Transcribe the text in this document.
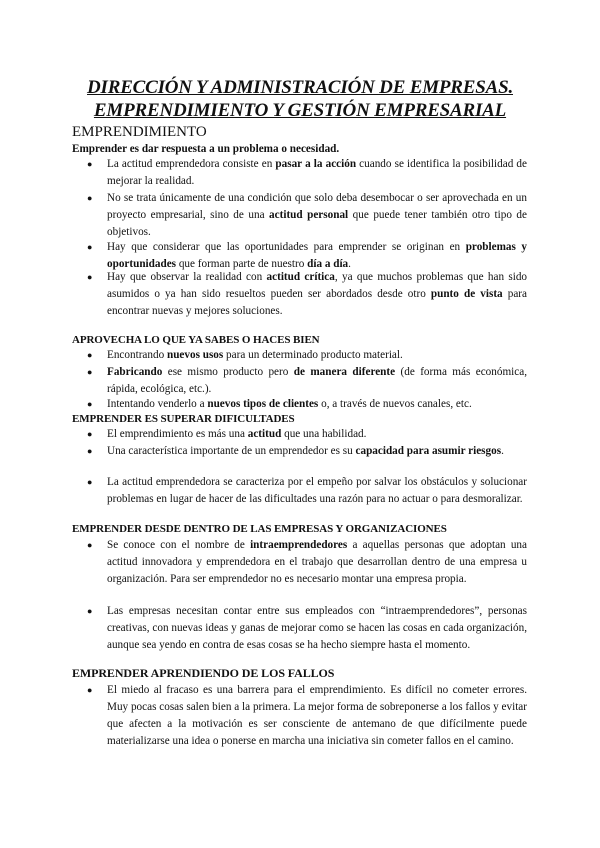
DIRECCIÓN Y ADMINISTRACIÓN DE EMPRESAS.
EMPRENDIMIENTO Y GESTIÓN EMPRESARIAL
EMPRENDIMIENTO
Emprender es dar respuesta a un problema o necesidad.
● La actitud emprendedora consiste en pasar a la acción cuando se identifica la posibilidad de mejorar la realidad.
● No se trata únicamente de una condición que solo deba desembocar o ser aprovechada en un proyecto empresarial, sino de una actitud personal que puede tener también otro tipo de objetivos.
● Hay que considerar que las oportunidades para emprender se originan en problemas y oportunidades que forman parte de nuestro día a día.
● Hay que observar la realidad con actitud crítica, ya que muchos problemas que han sido asumidos o ya han sido resueltos pueden ser abordados desde otro punto de vista para encontrar nuevas y mejores soluciones.
APROVECHA LO QUE YA SABES O HACES BIEN
● Encontrando nuevos usos para un determinado producto material.
● Fabricando ese mismo producto pero de manera diferente (de forma más económica, rápida, ecológica, etc.).
● Intentando venderlo a nuevos tipos de clientes o, a través de nuevos canales, etc.
EMPRENDER ES SUPERAR DIFICULTADES
● El emprendimiento es más una actitud que una habilidad.
● Una característica importante de un emprendedor es su capacidad para asumir riesgos.
● La actitud emprendedora se caracteriza por el empeño por salvar los obstáculos y solucionar problemas en lugar de hacer de las dificultades una razón para no actuar o para desmoralizar.
EMPRENDER DESDE DENTRO DE LAS EMPRESAS Y ORGANIZACIONES
● Se conoce con el nombre de intraemprendedores a aquellas personas que adoptan una actitud innovadora y emprendedora en el trabajo que desarrollan dentro de una empresa u organización. Para ser emprendedor no es necesario montar una empresa propia.
● Las empresas necesitan contar entre sus empleados con “intraemprendedores”, personas creativas, con nuevas ideas y ganas de mejorar como se hacen las cosas en cada organización, aunque sea yendo en contra de esas cosas se ha hecho siempre hasta el momento.
EMPRENDER APRENDIENDO DE LOS FALLOS
● El miedo al fracaso es una barrera para el emprendimiento. Es difícil no cometer errores. Muy pocas cosas salen bien a la primera. La mejor forma de sobreponerse a los fallos y evitar que afecten a la motivación es ser consciente de antemano de que difícilmente puede materializarse una idea o ponerse en marcha una iniciativa sin cometer fallos en el camino.
